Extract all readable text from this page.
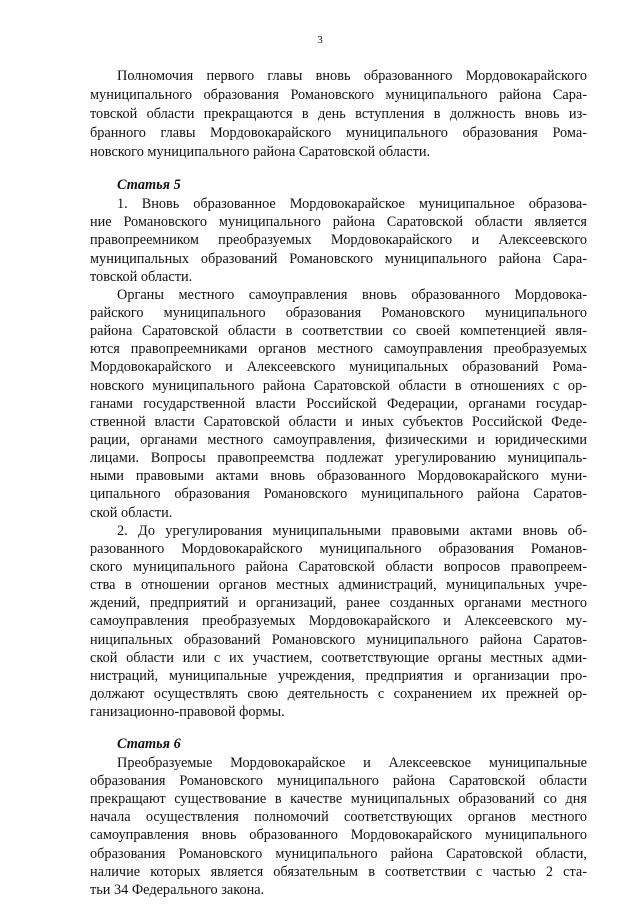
3
Полномочия первого главы вновь образованного Мордовокарайского
муниципального образования Романовского муниципального района Сара-
товской области прекращаются в день вступления в должность вновь из-
бранного главы Мордовокарайского муниципального образования Рома-
новского муниципального района Саратовской области.
Статья 5
1. Вновь образованное Мордовокарайское муниципальное образова-
ние Романовского муниципального района Саратовской области является
правопреемником преобразуемых Мордовокарайского и Алексеевского
муниципальных образований Романовского муниципального района Сара-
товской области.
Органы местного самоуправления вновь образованного Мордовока-
райского муниципального образования Романовского муниципального
района Саратовской области в соответствии со своей компетенцией явля-
ются правопреемниками органов местного самоуправления преобразуемых
Мордовокарайского и Алексеевского муниципальных образований Рома-
новского муниципального района Саратовской области в отношениях с ор-
ганами государственной власти Российской Федерации, органами государ-
ственной власти Саратовской области и иных субъектов Российской Феде-
рации, органами местного самоуправления, физическими и юридическими
лицами. Вопросы правопреемства подлежат урегулированию муниципаль-
ными правовыми актами вновь образованного Мордовокарайского муни-
ципального образования Романовского муниципального района Саратов-
ской области.
2. До урегулирования муниципальными правовыми актами вновь об-
разованного Мордовокарайского муниципального образования Романов-
ского муниципального района Саратовской области вопросов правопреем-
ства в отношении органов местных администраций, муниципальных учре-
ждений, предприятий и организаций, ранее созданных органами местного
самоуправления преобразуемых Мордовокарайского и Алексеевского му-
ниципальных образований Романовского муниципального района Саратов-
ской области или с их участием, соответствующие органы местных адми-
нистраций, муниципальные учреждения, предприятия и организации про-
должают осуществлять свою деятельность с сохранением их прежней ор-
ганизационно-правовой формы.
Статья 6
Преобразуемые Мордовокарайское и Алексеевское муниципальные
образования Романовского муниципального района Саратовской области
прекращают существование в качестве муниципальных образований со дня
начала осуществления полномочий соответствующих органов местного
самоуправления вновь образованного Мордовокарайского муниципального
образования Романовского муниципального района Саратовской области,
наличие которых является обязательным в соответствии с частью 2 ста-
тьи 34 Федерального закона.
